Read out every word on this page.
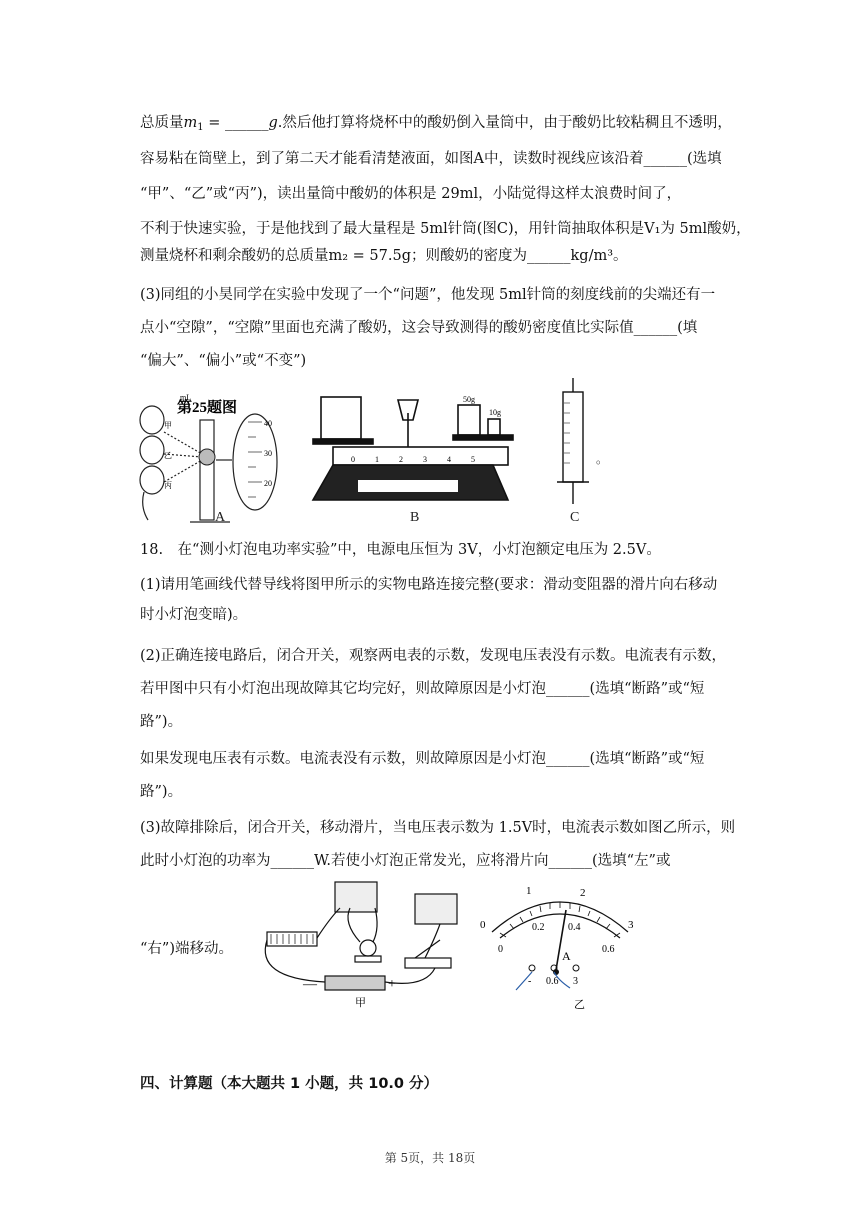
总质量$m_1$ = ______g.然后他打算将烧杯中的酸奶倒入量筒中，由于酸奶比较粘稠且不透明，
容易粘在筒壁上，到了第二天才能看清楚液面，如图A中，读数时视线应该沿着______(选填
“甲”、“乙”或“丙”)，读出量筒中酸奶的体积是 29ml，小陆觉得这样太浪费时间了，
不利于快速实验，于是他找到了最大量程是 5ml针筒(图C)，用针筒抽取体积是V₁为 5ml酸奶，
测量烧杯和剩余酸奶的总质量m₂ = 57.5g；则酸奶的密度为______kg/m³。
(3)同组的小昊同学在实验中发现了一个“问题”，他发现 5ml针筒的刻度线前的尖端还有一
点小“空隙”，“空隙”里面也充满了酸奶，这会导致测得的酸奶密度值比实际值______(填
“偏大”、“偏小”或“不变”)
第25题图
mL
40
30
20
甲
乙
丙
A
50g
10g
0	1	2	3	4	5
B
。
C
18.　在“测小灯泡电功率实验”中，电源电压恒为 3V，小灯泡额定电压为 2.5V。
(1)请用笔画线代替导线将图甲所示的实物电路连接完整(要求：滑动变阻器的滑片向右移动
时小灯泡变暗)。
(2)正确连接电路后，闭合开关，观察两电表的示数，发现电压表没有示数。电流表有示数，
若甲图中只有小灯泡出现故障其它均完好，则故障原因是小灯泡______(选填“断路”或“短
路”)。
如果发现电压表有示数。电流表没有示数，则故障原因是小灯泡______(选填“断路”或“短
路”)。
(3)故障排除后，闭合开关，移动滑片，当电压表示数为 1.5V时，电流表示数如图乙所示，则
此时小灯泡的功率为______W.若使小灯泡正常发光，应将滑片向______(选填“左”或
“右”)端移动。
—	+
甲
0
1	2
3
0
0.2 0.4
0.6
A
- 0.6 3
乙
四、计算题（本大题共 1 小题，共 10.0 分）
第 5页，共 18页
